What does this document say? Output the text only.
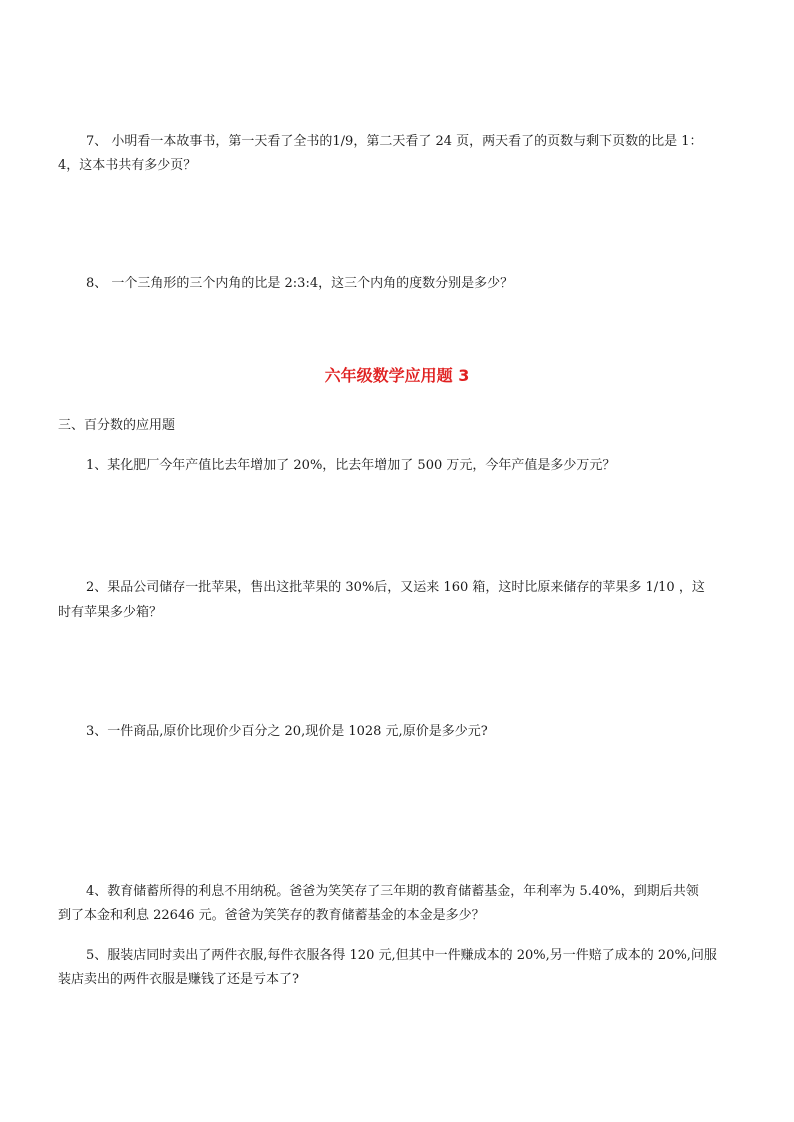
7、 小明看一本故事书，第一天看了全书的1/9，第二天看了 24 页，两天看了的页数与剩下页数的比是 1：
4，这本书共有多少页？
8、 一个三角形的三个内角的比是 2:3:4，这三个内角的度数分别是多少？
六年级数学应用题 3
三、百分数的应用题
1、某化肥厂今年产值比去年增加了 20%，比去年增加了 500 万元，今年产值是多少万元？
2、果品公司储存一批苹果，售出这批苹果的 30%后，又运来 160 箱，这时比原来储存的苹果多 1/10 ，这
时有苹果多少箱？
3、一件商品,原价比现价少百分之 20,现价是 1028 元,原价是多少元?
4、教育储蓄所得的利息不用纳税。爸爸为笑笑存了三年期的教育储蓄基金，年利率为 5.40%，到期后共领
到了本金和利息 22646 元。爸爸为笑笑存的教育储蓄基金的本金是多少？
5、服装店同时卖出了两件衣服,每件衣服各得 120 元,但其中一件赚成本的 20%,另一件赔了成本的 20%,问服
装店卖出的两件衣服是赚钱了还是亏本了?
